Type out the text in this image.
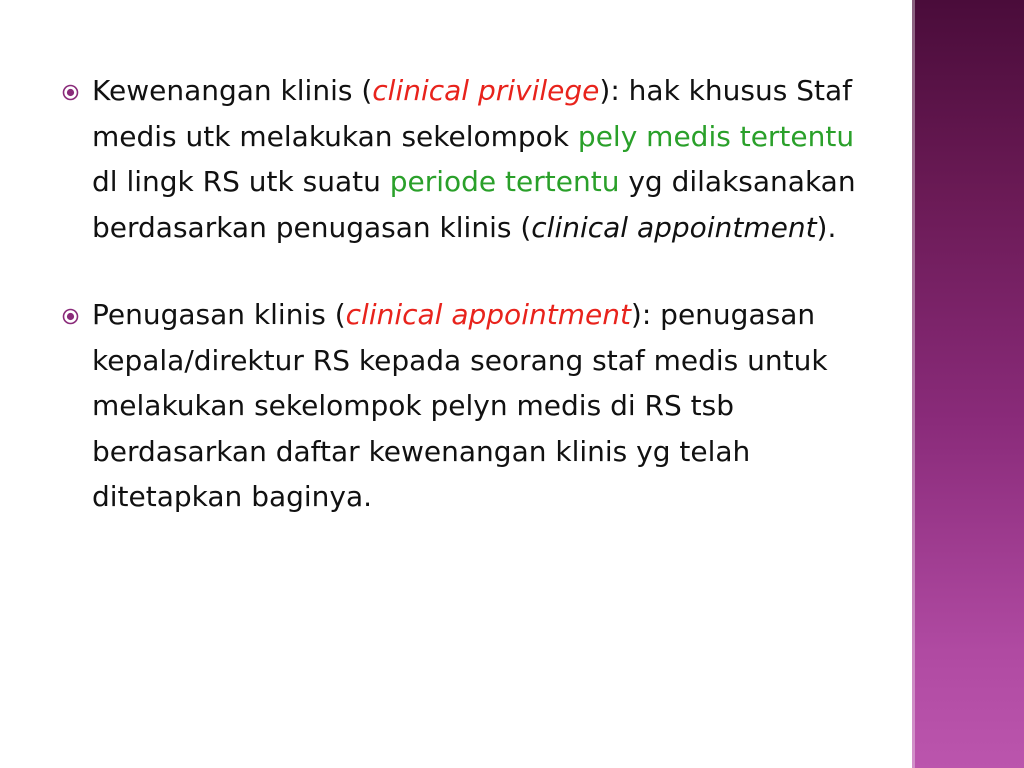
Kewenangan klinis (clinical privilege): hak khusus Staf medis utk melakukan sekelompok pely medis tertentu dl lingk RS utk suatu periode tertentu yg dilaksanakan berdasarkan penugasan klinis (clinical appointment).

Penugasan klinis (clinical appointment): penugasan kepala/direktur RS kepada seorang staf medis untuk melakukan sekelompok pelyn medis di RS tsb berdasarkan daftar kewenangan klinis yg telah ditetapkan baginya.
